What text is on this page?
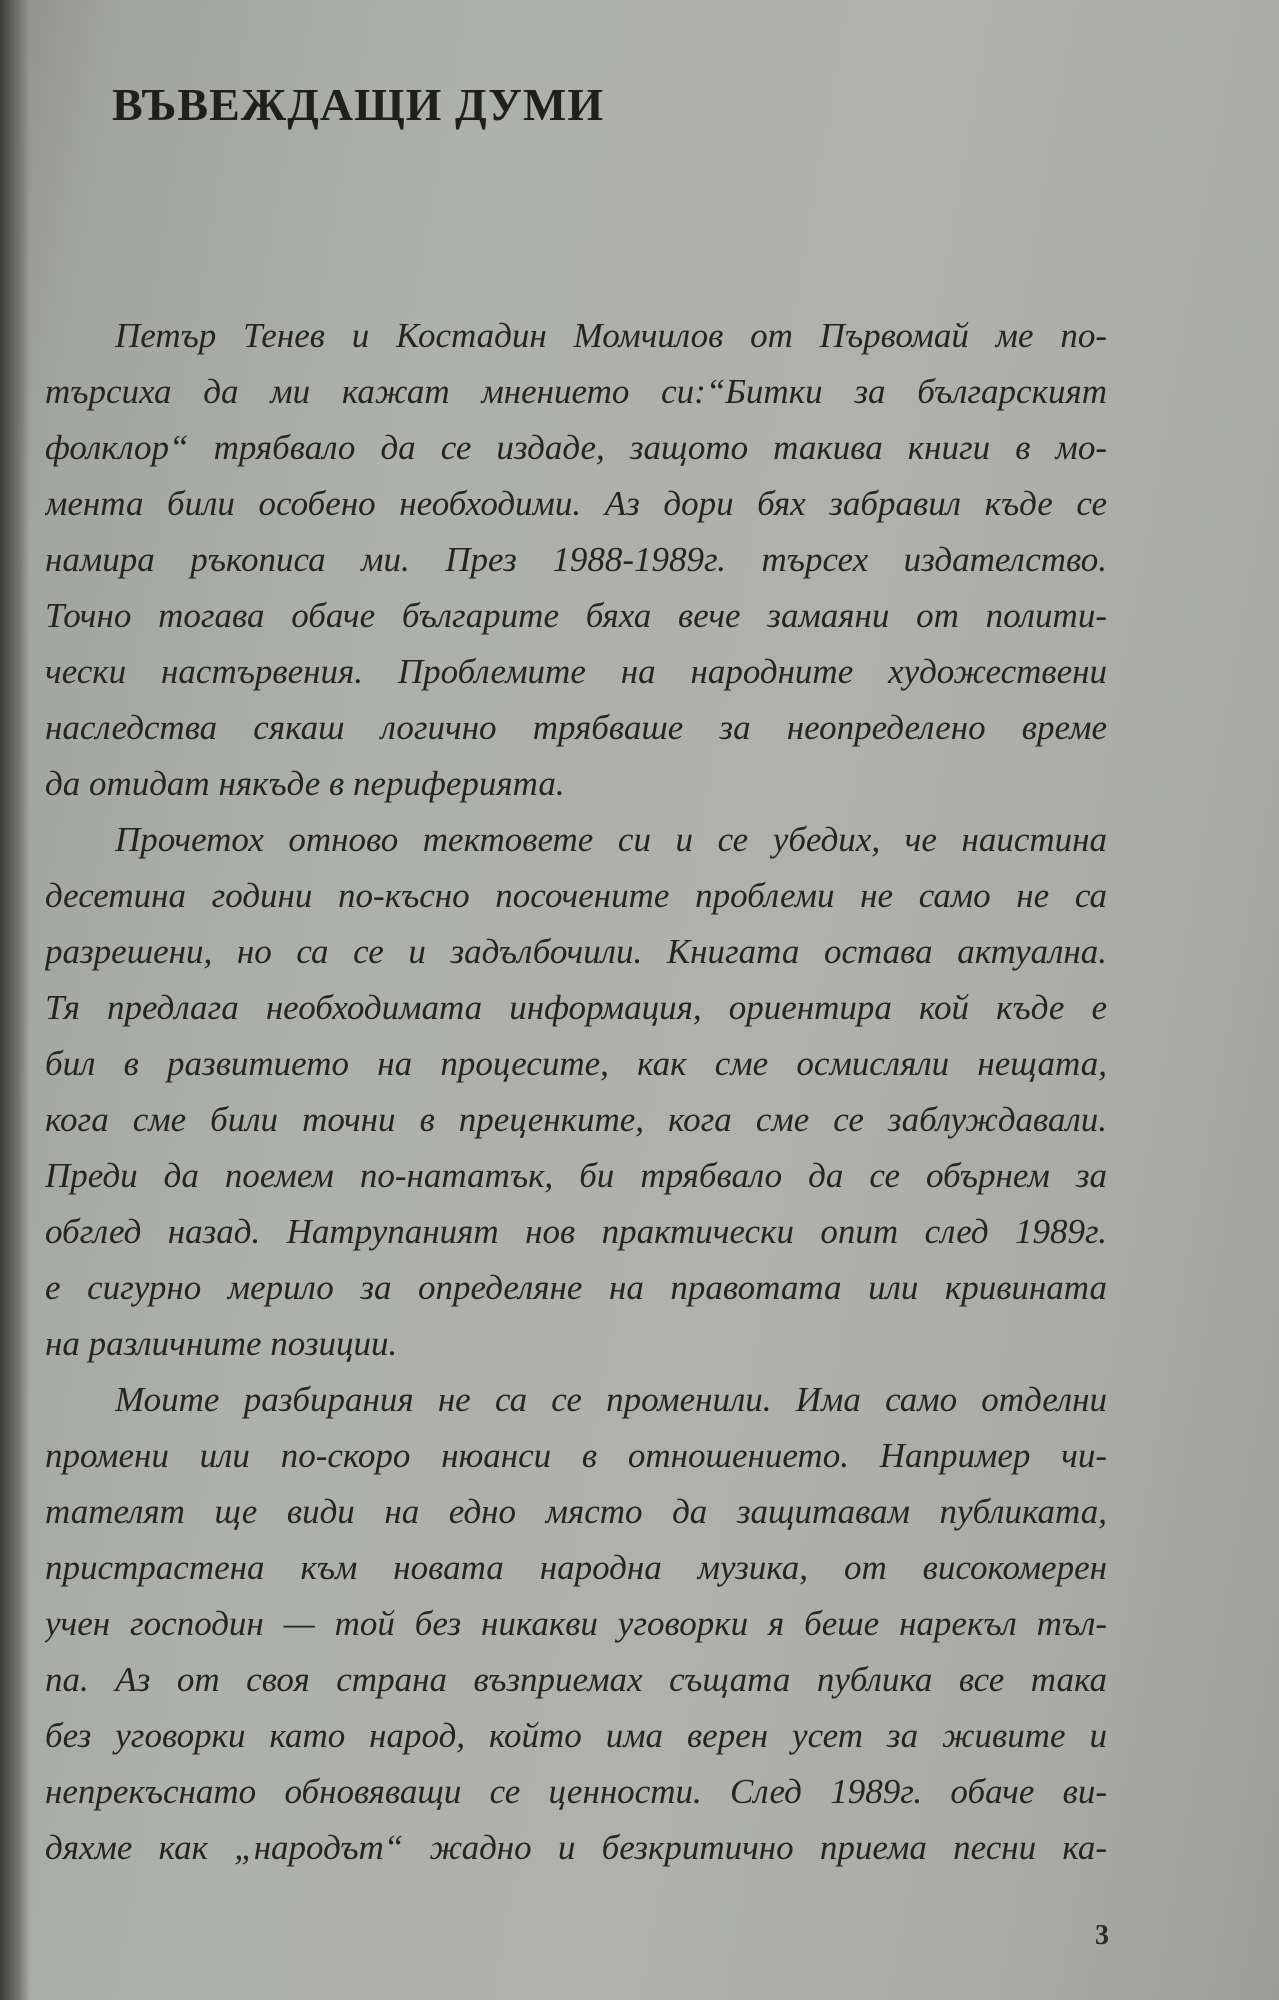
ВЪВЕЖДАЩИ ДУМИ
Петър Тенев и Костадин Момчилов от Първомай ме по-
търсиха да ми кажат мнението си:“Битки за българският
фолклор“ трябвало да се издаде, защото такива книги в мо-
мента били особено необходими. Аз дори бях забравил къде се
намира ръкописа ми. През 1988-1989г. търсех издателство.
Точно тогава обаче българите бяха вече замаяни от полити-
чески настървения. Проблемите на народните художествени
наследства сякаш логично трябваше за неопределено време
да отидат някъде в периферията.
Прочетох отново тектовете си и се убедих, че наистина
десетина години по-късно посочените проблеми не само не са
разрешени, но са се и задълбочили. Книгата остава актуална.
Тя предлага необходимата информация, ориентира кой къде е
бил в развитието на процесите, как сме осмисляли нещата,
кога сме били точни в преценките, кога сме се заблуждавали.
Преди да поемем по-нататък, би трябвало да се обърнем за
обглед назад. Натрупаният нов практически опит след 1989г.
е сигурно мерило за определяне на правотата или кривината
на различните позиции.
Моите разбирания не са се променили. Има само отделни
промени или по-скоро нюанси в отношението. Например чи-
тателят ще види на едно място да защитавам публиката,
пристрастена към новата народна музика, от високомерен
учен господин — той без никакви уговорки я беше нарекъл тъл-
па. Аз от своя страна възприемах същата публика все така
без уговорки като народ, който има верен усет за живите и
непрекъснато обновяващи се ценности. След 1989г. обаче ви-
дяхме как „народът“ жадно и безкритично приема песни ка-
3
